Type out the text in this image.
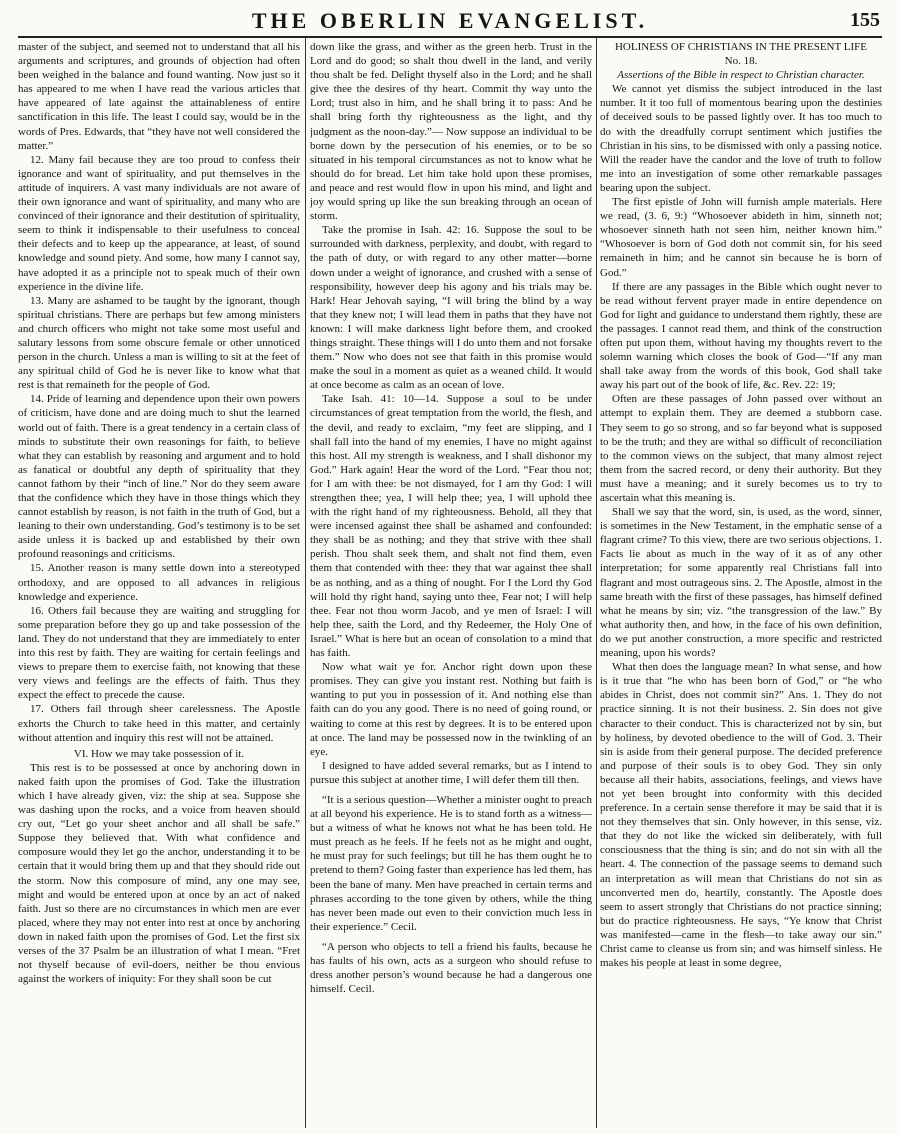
THE OBERLIN EVANGELIST.	155

master of the subject, and seemed not to understand that all his arguments and scriptures, and grounds of objection had often been weighed in the balance and found wanting. Now just so it has appeared to me when I have read the various articles that have appeared of late against the attainableness of entire sanctification in this life. The least I could say, would be in the words of Pres. Edwards, that “they have not well considered the matter.”

12. Many fail because they are too proud to confess their ignorance and want of spirituality, and put themselves in the attitude of inquirers. A vast many individuals are not aware of their own ignorance and want of spirituality, and many who are convinced of their ignorance and their destitution of spirituality, seem to think it indispensable to their usefulness to conceal their defects and to keep up the appearance, at least, of sound knowledge and sound piety. And some, how many I cannot say, have adopted it as a principle not to speak much of their own experience in the divine life.

13. Many are ashamed to be taught by the ignorant, though spiritual christians. There are perhaps but few among ministers and church officers who might not take some most useful and salutary lessons from some obscure female or other unnoticed person in the church. Unless a man is willing to sit at the feet of any spiritual child of God he is never like to know what that rest is that remaineth for the people of God.

14. Pride of learning and dependence upon their own powers of criticism, have done and are doing much to shut the learned world out of faith. There is a great tendency in a certain class of minds to substitute their own reasonings for faith, to believe what they can establish by reasoning and argument and to hold as fanatical or doubtful any depth of spirituality that they cannot fathom by their “inch of line.” Nor do they seem aware that the confidence which they have in those things which they cannot establish by reason, is not faith in the truth of God, but a leaning to their own understanding. God’s testimony is to be set aside unless it is backed up and established by their own profound reasonings and criticisms.

15. Another reason is many settle down into a stereotyped orthodoxy, and are opposed to all advances in religious knowledge and experience.

16. Others fail because they are waiting and struggling for some preparation before they go up and take possession of the land. They do not understand that they are immediately to enter into this rest by faith. They are waiting for certain feelings and views to prepare them to exercise faith, not knowing that these very views and feelings are the effects of faith. Thus they expect the effect to precede the cause.

17. Others fail through sheer carelessness. The Apostle exhorts the Church to take heed in this matter, and certainly without attention and inquiry this rest will not be attained.

VI. How we may take possession of it.

This rest is to be possessed at once by anchoring down in naked faith upon the promises of God. Take the illustration which I have already given, viz: the ship at sea. Suppose she was dashing upon the rocks, and a voice from heaven should cry out, “Let go your sheet anchor and all shall be safe.” Suppose they believed that. With what confidence and composure would they let go the anchor, understanding it to be certain that it would bring them up and that they should ride out the storm. Now this composure of mind, any one may see, might and would be entered upon at once by an act of naked faith. Just so there are no circumstances in which men are ever placed, where they may not enter into rest at once by anchoring down in naked faith upon the promises of God. Let the first six verses of the 37 Psalm be an illustration of what I mean. “Fret not thyself because of evil-doers, neither be thou envious against the workers of iniquity: For they shall soon be cut

down like the grass, and wither as the green herb. Trust in the Lord and do good; so shalt thou dwell in the land, and verily thou shalt be fed. Delight thyself also in the Lord; and he shall give thee the desires of thy heart. Commit thy way unto the Lord; trust also in him, and he shall bring it to pass: And he shall bring forth thy righteousness as the light, and thy judgment as the noon-day.”— Now suppose an individual to be borne down by the persecution of his enemies, or to be so situated in his temporal circumstances as not to know what he should do for bread. Let him take hold upon these promises, and peace and rest would flow in upon his mind, and light and joy would spring up like the sun breaking through an ocean of storm.

Take the promise in Isah. 42: 16. Suppose the soul to be surrounded with darkness, perplexity, and doubt, with regard to the path of duty, or with regard to any other matter—borne down under a weight of ignorance, and crushed with a sense of responsibility, however deep his agony and his trials may be. Hark! Hear Jehovah saying, “I will bring the blind by a way that they knew not; I will lead them in paths that they have not known: I will make darkness light before them, and crooked things straight. These things will I do unto them and not forsake them.” Now who does not see that faith in this promise would make the soul in a moment as quiet as a weaned child. It would at once become as calm as an ocean of love.

Take Isah. 41: 10—14. Suppose a soul to be under circumstances of great temptation from the world, the flesh, and the devil, and ready to exclaim, “my feet are slipping, and I shall fall into the hand of my enemies, I have no might against this host. All my strength is weakness, and I shall dishonor my God.” Hark again! Hear the word of the Lord. “Fear thou not; for I am with thee: be not dismayed, for I am thy God: I will strengthen thee; yea, I will help thee; yea, I will uphold thee with the right hand of my righteousness. Behold, all they that were incensed against thee shall be ashamed and confounded: they shall be as nothing; and they that strive with thee shall perish. Thou shalt seek them, and shalt not find them, even them that contended with thee: they that war against thee shall be as nothing, and as a thing of nought. For I the Lord thy God will hold thy right hand, saying unto thee, Fear not; I will help thee. Fear not thou worm Jacob, and ye men of Israel: I will help thee, saith the Lord, and thy Redeemer, the Holy One of Israel.” What is here but an ocean of consolation to a mind that has faith.

Now what wait ye for. Anchor right down upon these promises. They can give you instant rest. Nothing but faith is wanting to put you in possession of it. And nothing else than faith can do you any good. There is no need of going round, or waiting to come at this rest by degrees. It is to be entered upon at once. The land may be possessed now in the twinkling of an eye.

I designed to have added several remarks, but as I intend to pursue this subject at another time, I will defer them till then.

“It is a serious question—Whether a minister ought to preach at all beyond his experience. He is to stand forth as a witness—but a witness of what he knows not what he has been told. He must preach as he feels. If he feels not as he might and ought, he must pray for such feelings; but till he has them ought he to pretend to them? Going faster than experience has led them, has been the bane of many. Men have preached in certain terms and phrases according to the tone given by others, while the thing has never been made out even to their conviction much less in their experience.” Cecil.

“A person who objects to tell a friend his faults, because he has faults of his own, acts as a surgeon who should refuse to dress another person’s wound because he had a dangerous one himself. Cecil.

HOLINESS OF CHRISTIANS IN THE PRESENT LIFE

No. 18.

Assertions of the Bible in respect to Christian character.

We cannot yet dismiss the subject introduced in the last number. It it too full of momentous bearing upon the destinies of deceived souls to be passed lightly over. It has too much to do with the dreadfully corrupt sentiment which justifies the Christian in his sins, to be dismissed with only a passing notice. Will the reader have the candor and the love of truth to follow me into an investigation of some other remarkable passages bearing upon the subject.

The first epistle of John will furnish ample materials. Here we read, (3. 6, 9:) “Whosoever abideth in him, sinneth not; whosoever sinneth hath not seen him, neither known him.” “Whosoever is born of God doth not commit sin, for his seed remaineth in him; and he cannot sin because he is born of God.”

If there are any passages in the Bible which ought never to be read without fervent prayer made in entire dependence on God for light and guidance to understand them rightly, these are the passages. I cannot read them, and think of the construction often put upon them, without having my thoughts revert to the solemn warning which closes the book of God—“If any man shall take away from the words of this book, God shall take away his part out of the book of life, &c. Rev. 22: 19;

Often are these passages of John passed over without an attempt to explain them. They are deemed a stubborn case. They seem to go so strong, and so far beyond what is supposed to be the truth; and they are withal so difficult of reconciliation to the common views on the subject, that many almost reject them from the sacred record, or deny their authority. But they must have a meaning; and it surely becomes us to try to ascertain what this meaning is.

Shall we say that the word, sin, is used, as the word, sinner, is sometimes in the New Testament, in the emphatic sense of a flagrant crime? To this view, there are two serious objections. 1. Facts lie about as much in the way of it as of any other interpretation; for some apparently real Christians fall into flagrant and most outrageous sins. 2. The Apostle, almost in the same breath with the first of these passages, has himself defined what he means by sin; viz. “the transgression of the law.” By what authority then, and how, in the face of his own definition, do we put another construction, a more specific and restricted meaning, upon his words?

What then does the language mean? In what sense, and how is it true that “he who has been born of God,” or “he who abides in Christ, does not commit sin?” Ans. 1. They do not practice sinning. It is not their business. 2. Sin does not give character to their conduct. This is characterized not by sin, but by holiness, by devoted obedience to the will of God. 3. Their sin is aside from their general purpose. The decided preference and purpose of their souls is to obey God. They sin only because all their habits, associations, feelings, and views have not yet been brought into conformity with this decided preference. In a certain sense therefore it may be said that it is not they themselves that sin. Only however, in this sense, viz. that they do not like the wicked sin deliberately, with full consciousness that the thing is sin; and do not sin with all the heart. 4. The connection of the passage seems to demand such an interpretation as will mean that Christians do not sin as unconverted men do, heartily, constantly. The Apostle does seem to assert strongly that Christians do not practice sinning; but do practice righteousness. He says, “Ye know that Christ was manifested—came in the flesh—to take away our sin.” Christ came to cleanse us from sin; and was himself sinless. He makes his people at least in some degree,
